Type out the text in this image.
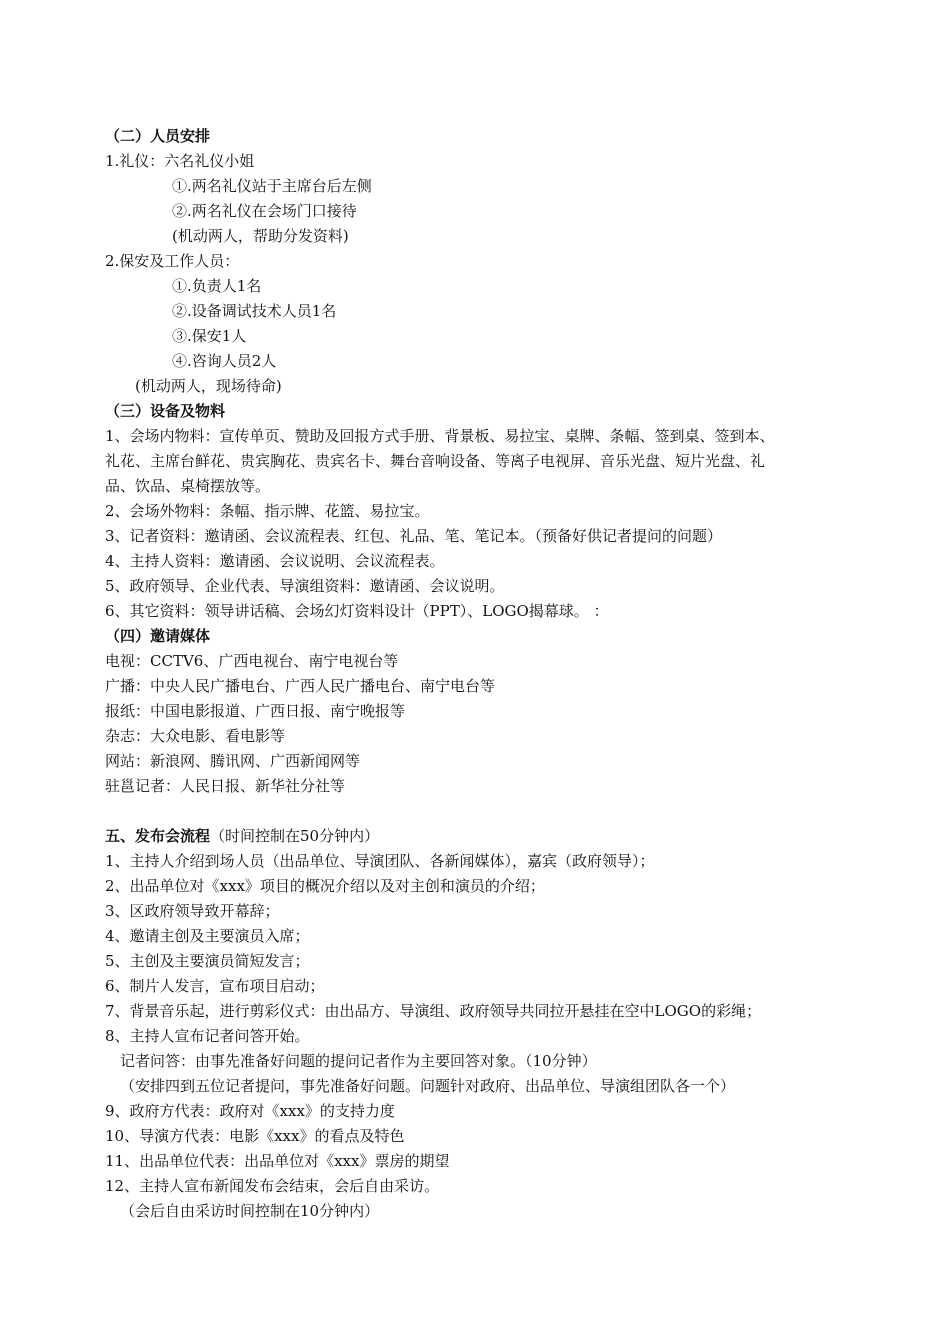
（二）人员安排
1.礼仪：六名礼仪小姐
①.两名礼仪站于主席台后左侧
②.两名礼仪在会场门口接待
(机动两人，帮助分发资料)
2.保安及工作人员：
①.负责人1名
②.设备调试技术人员1名
③.保安1人
④.咨询人员2人
(机动两人，现场待命)
（三）设备及物料
1、会场内物料：宣传单页、赞助及回报方式手册、背景板、易拉宝、桌牌、条幅、签到桌、签到本、
礼花、主席台鲜花、贵宾胸花、贵宾名卡、舞台音响设备、等离子电视屏、音乐光盘、短片光盘、礼
品、饮品、桌椅摆放等。
2、会场外物料：条幅、指示牌、花篮、易拉宝。
3、记者资料：邀请函、会议流程表、红包、礼品、笔、笔记本。（预备好供记者提问的问题）
4、主持人资料：邀请函、会议说明、会议流程表。
5、政府领导、企业代表、导演组资料：邀请函、会议说明。
6、其它资料：领导讲话稿、会场幻灯资料设计（PPT）、LOGO揭幕球。 ：
（四）邀请媒体
电视：CCTV6、广西电视台、南宁电视台等
广播：中央人民广播电台、广西人民广播电台、南宁电台等
报纸：中国电影报道、广西日报、南宁晚报等
杂志：大众电影、看电影等
网站：新浪网、腾讯网、广西新闻网等
驻邕记者：人民日报、新华社分社等
五、发布会流程（时间控制在50分钟内）
1、主持人介绍到场人员（出品单位、导演团队、各新闻媒体），嘉宾（政府领导）；
2、出品单位对《xxx》项目的概况介绍以及对主创和演员的介绍；
3、区政府领导致开幕辞；
4、邀请主创及主要演员入席；
5、主创及主要演员简短发言；
6、制片人发言，宣布项目启动；
7、背景音乐起，进行剪彩仪式：由出品方、导演组、政府领导共同拉开悬挂在空中LOGO的彩绳；
8、主持人宣布记者问答开始。
记者问答：由事先准备好问题的提问记者作为主要回答对象。（10分钟）
（安排四到五位记者提问，事先准备好问题。问题针对政府、出品单位、导演组团队各一个）
9、政府方代表：政府对《xxx》的支持力度
10、导演方代表：电影《xxx》的看点及特色
11、出品单位代表：出品单位对《xxx》票房的期望
12、主持人宣布新闻发布会结束，会后自由采访。
（会后自由采访时间控制在10分钟内）
